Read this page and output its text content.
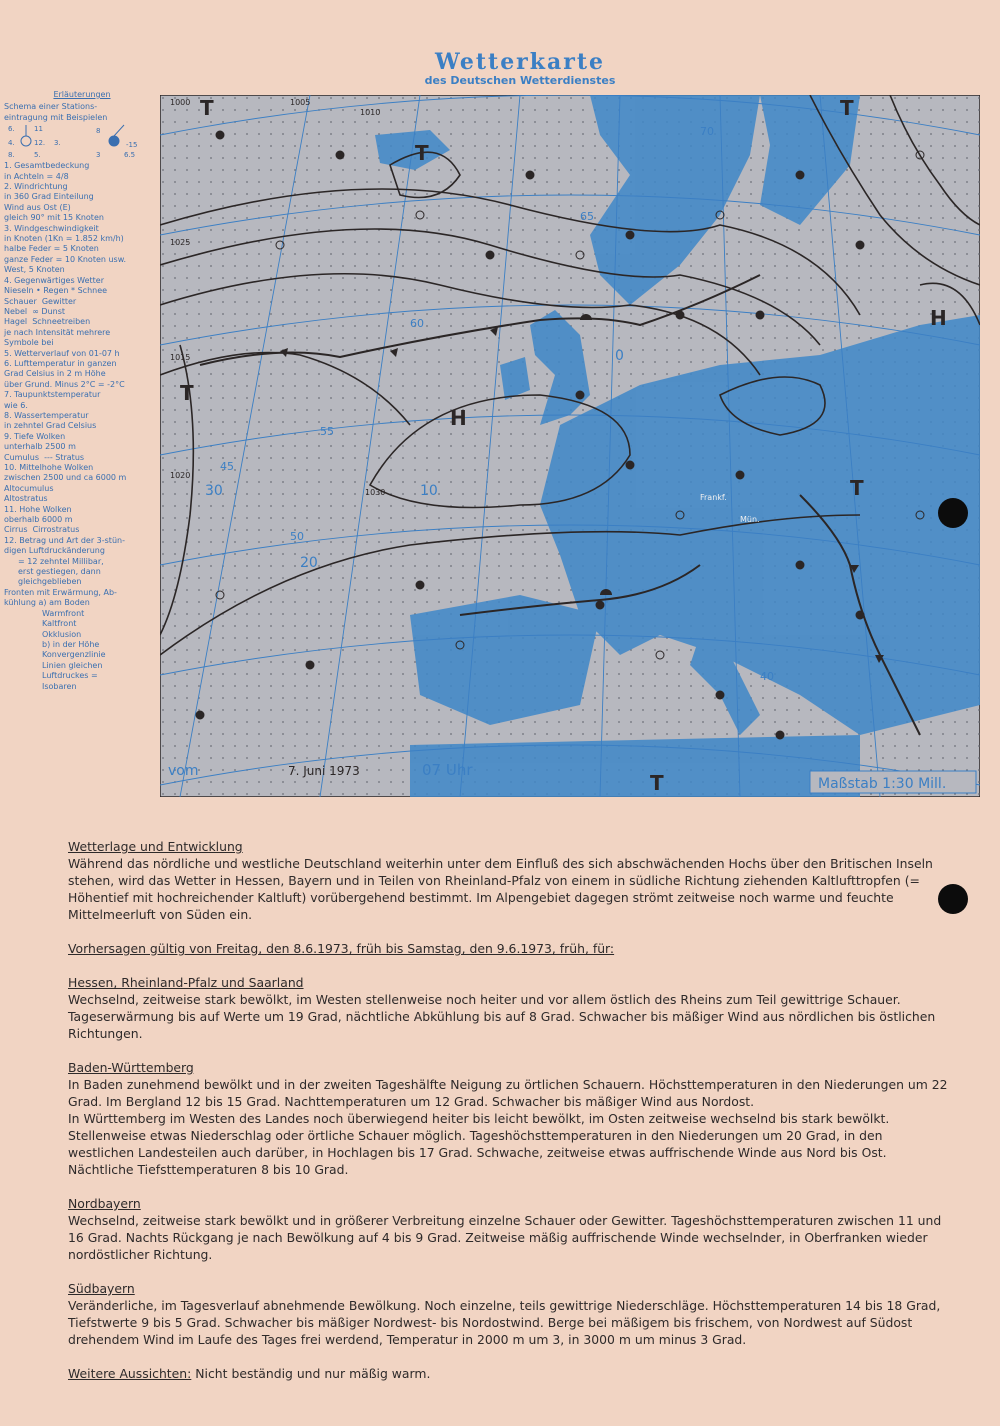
Wetterkarte
des Deutschen Wetterdienstes
Erläuterungen
Schema einer Stations-
eintragung mit Beispielen
6.	11
4.	12.
8.	5.
3.
8
-15
3	6.5
1. Gesamtbedeckung
in Achteln = 4/8
2. Windrichtung
in 360 Grad Einteilung
Wind aus Ost (E)
gleich 90° mit 15 Knoten
3. Windgeschwindigkeit
in Knoten (1Kn = 1.852 km/h)
halbe Feder = 5 Knoten
ganze Feder = 10 Knoten usw.
West, 5 Knoten
4. Gegenwärtiges Wetter
Nieseln • Regen * Schnee
Schauer  Gewitter
Nebel  ∞ Dunst
Hagel  Schneetreiben
je nach Intensität mehrere
Symbole bei
5. Wetterverlauf von 01-07 h
6. Lufttemperatur in ganzen
Grad Celsius in 2 m Höhe
über Grund. Minus 2°C = -2°C
7. Taupunktstemperatur
wie 6.
8. Wassertemperatur
in zehntel Grad Celsius
9. Tiefe Wolken
unterhalb 2500 m
Cumulus  --- Stratus
10. Mittelhohe Wolken
zwischen 2500 und ca 6000 m
Altocumulus
Altostratus
11. Hohe Wolken
oberhalb 6000 m
Cirrus  Cirrostratus
12. Betrag und Art der 3-stün-
digen Luftdruckänderung
= 12 zehntel Millibar,
erst gestiegen, dann
gleichgeblieben
Fronten mit Erwärmung, Ab-
kühlung a) am Boden
Warmfront
Kaltfront
Okklusion
b) in der Höhe
Konvergenzlinie
Linien gleichen
Luftdruckes =
Isobaren
70
65
60
55
50
45
40
30
20
10
0
H
H
T
T
T	T
T
T
1000	1005
1010
1015
1020
1025
1030
Frankf.
Mün.
vom	7. Juni 1973	07 Uhr
Maßstab 1:30 Mill.
Wetterlage und Entwicklung
Während das nördliche und westliche Deutschland weiterhin unter dem Einfluß des sich abschwächenden Hochs über den Britischen Inseln stehen, wird das Wetter in Hessen, Bayern und in Teilen von Rheinland-Pfalz von einem in südliche Richtung ziehenden Kaltlufttropfen (= Höhentief mit hochreichender Kaltluft) vorübergehend bestimmt. Im Alpengebiet dagegen strömt zeitweise noch warme und feuchte Mittelmeerluft von Süden ein.
Vorhersagen gültig von Freitag, den 8.6.1973, früh bis Samstag, den 9.6.1973, früh, für:
Hessen, Rheinland-Pfalz und Saarland
Wechselnd, zeitweise stark bewölkt, im Westen stellenweise noch heiter und vor allem östlich des Rheins zum Teil gewittrige Schauer. Tageserwärmung bis auf Werte um 19 Grad, nächtliche Abkühlung bis auf 8 Grad. Schwacher bis mäßiger Wind aus nördlichen bis östlichen Richtungen.
Baden-Württemberg
In Baden zunehmend bewölkt und in der zweiten Tageshälfte Neigung zu örtlichen Schauern. Höchsttemperaturen in den Niederungen um 22 Grad. Im Bergland 12 bis 15 Grad. Nachttemperaturen um 12 Grad. Schwacher bis mäßiger Wind aus Nordost.
In Württemberg im Westen des Landes noch überwiegend heiter bis leicht bewölkt, im Osten zeitweise wechselnd bis stark bewölkt. Stellenweise etwas Niederschlag oder örtliche Schauer möglich. Tageshöchsttemperaturen in den Niederungen um 20 Grad, in den westlichen Landesteilen auch darüber, in Hochlagen bis 17 Grad. Schwache, zeitweise etwas auffrischende Winde aus Nord bis Ost. Nächtliche Tiefsttemperaturen 8 bis 10 Grad.
Nordbayern
Wechselnd, zeitweise stark bewölkt und in größerer Verbreitung einzelne Schauer oder Gewitter. Tageshöchsttemperaturen zwischen 11 und 16 Grad. Nachts Rückgang je nach Bewölkung auf 4 bis 9 Grad. Zeitweise mäßig auffrischende Winde wechselnder, in Oberfranken wieder nordöstlicher Richtung.
Südbayern
Veränderliche, im Tagesverlauf abnehmende Bewölkung. Noch einzelne, teils gewittrige Niederschläge. Höchsttemperaturen 14 bis 18 Grad, Tiefstwerte 9 bis 5 Grad. Schwacher bis mäßiger Nordwest- bis Nordostwind. Berge bei mäßigem bis frischem, von Nordwest auf Südost drehendem Wind im Laufe des Tages frei werdend, Temperatur in 2000 m um 3, in 3000 m um minus 3 Grad.
Weitere Aussichten: Nicht beständig und nur mäßig warm.
